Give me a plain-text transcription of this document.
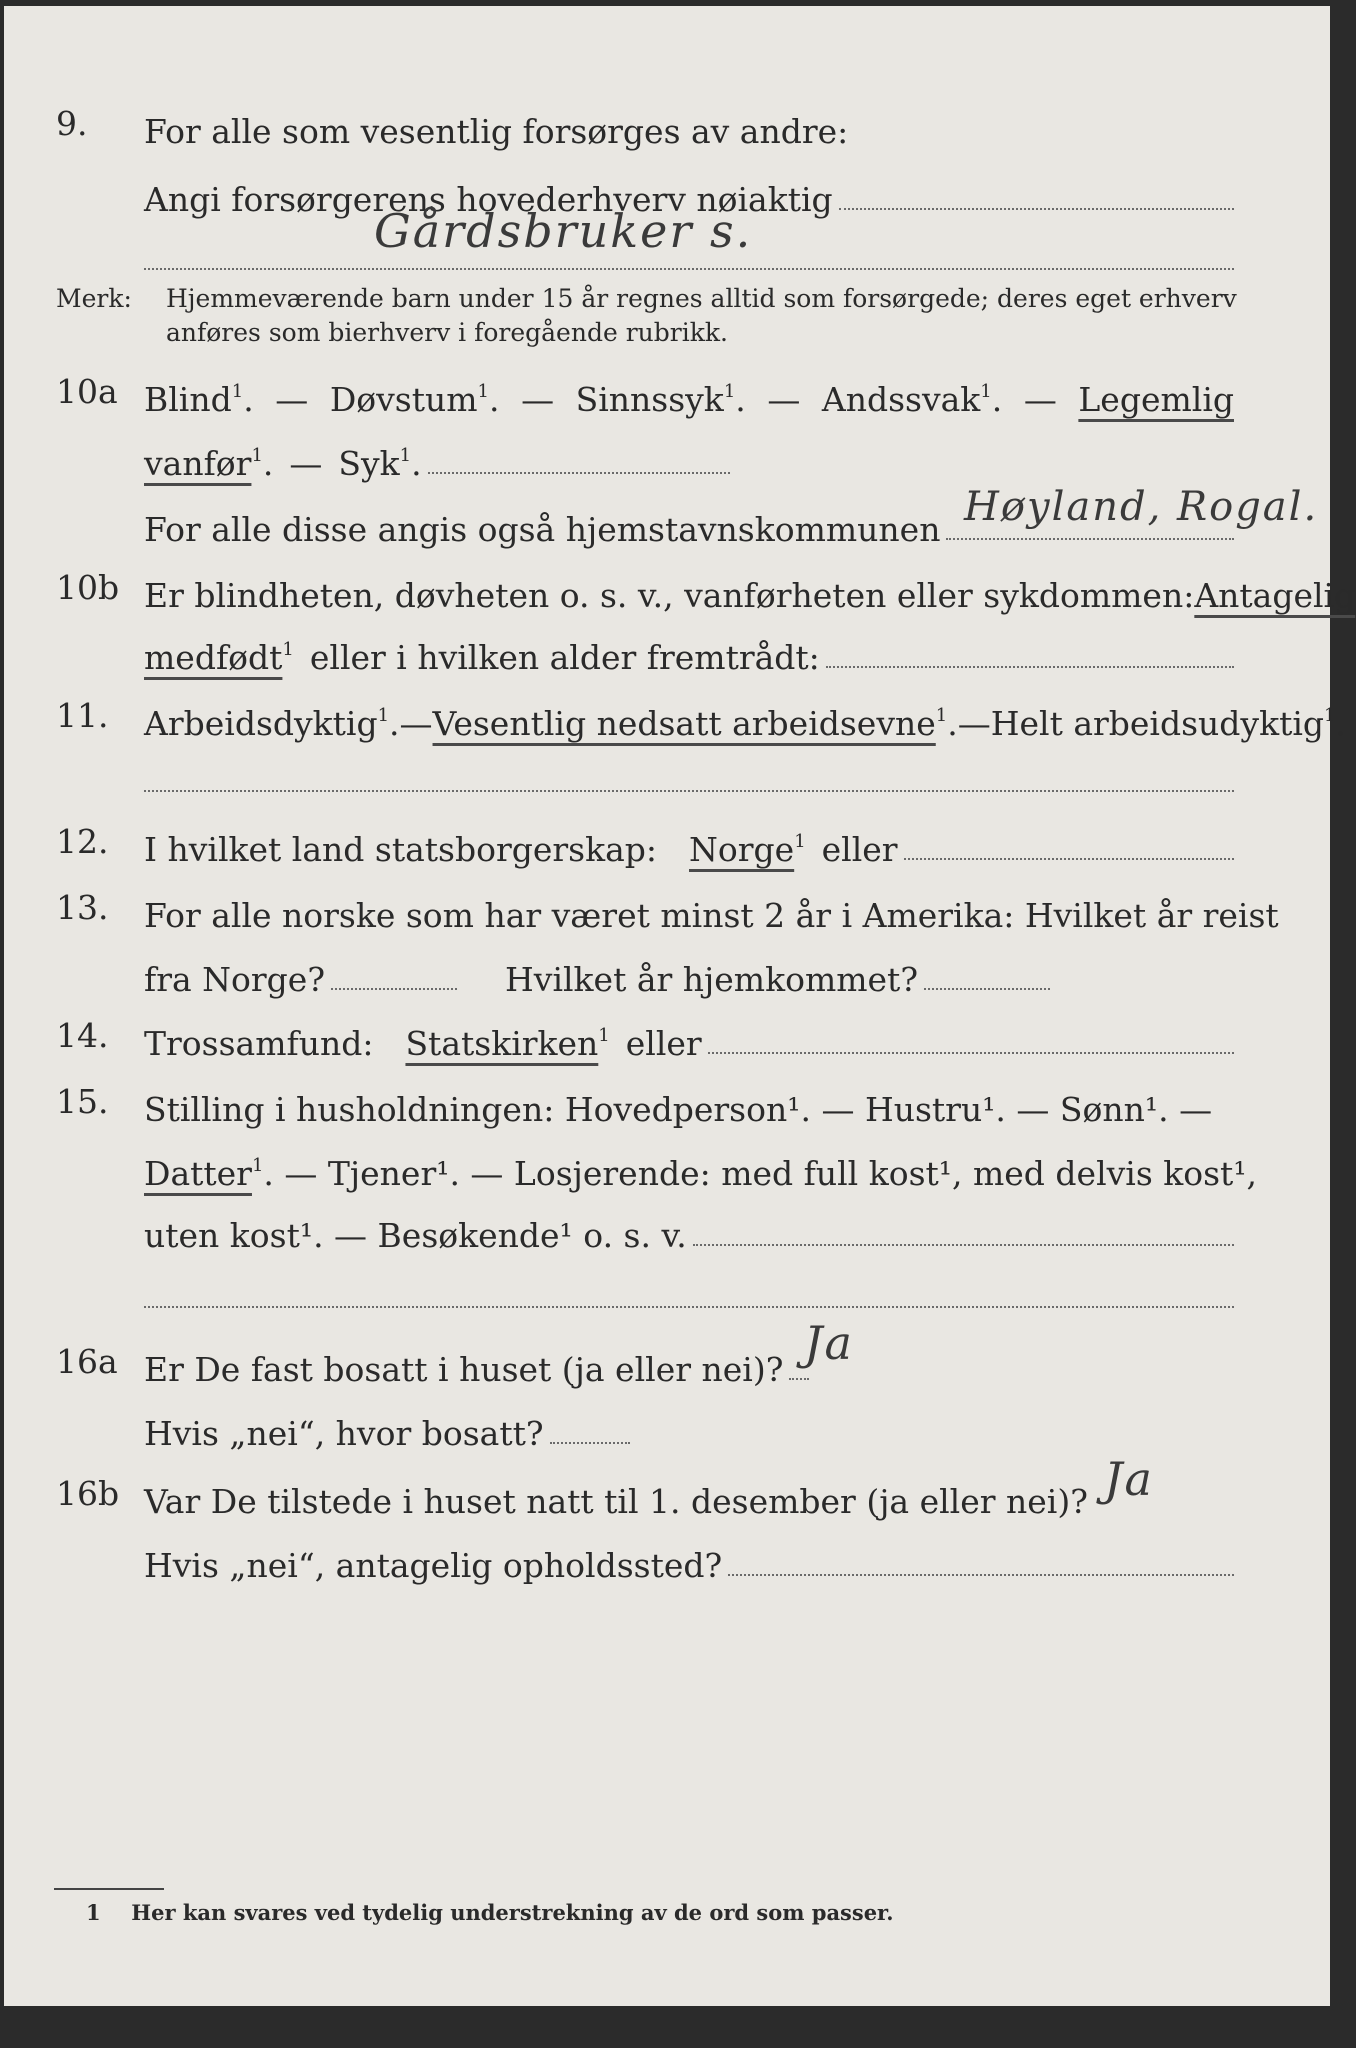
9. For alle som vesentlig forsørges av andre:
Angi forsørgerens hovederhverv nøiaktig
Gårdsbruker s.
Merk: Hjemmeværende barn under 15 år regnes alltid som forsørgede; deres eget erhverv
anføres som bierhverv i foregående rubrikk.
10a Blind$^1$. — Døvstum$^1$. — Sinnssyk$^1$. — Andssvak$^1$. — Legemlig
vanfør$^1$. — Syk$^1$.
For alle disse angis også hjemstavnskommunen Høyland, Rogal.
10b Er blindheten, døvheten o. s. v., vanførheten eller sykdommen: Antagelig
medfødt$^1$ eller i hvilken alder fremtrådt:
11. Arbeidsdyktig$^1$. — Vesentlig nedsatt arbeidsevne$^1$. — Helt arbeidsudyktig$^1$.
12. I hvilket land statsborgerskap: Norge$^1$ eller
13. For alle norske som har været minst 2 år i Amerika: Hvilket år reist
fra Norge?	Hvilket år hjemkommet?
14. Trossamfund: Statskirken$^1$ eller
15. Stilling i husholdningen: Hovedperson¹. — Hustru¹. — Sønn¹. —
Datter$^1$ . — Tjener¹. — Losjerende: med full kost¹, med delvis kost¹,
uten kost¹. — Besøkende¹ o. s. v.
16a Er De fast bosatt i huset (ja eller nei)? Ja
Hvis „nei“, hvor bosatt?
16b Var De tilstede i huset natt til 1. desember (ja eller nei)? Ja
Hvis „nei“, antagelig opholdssted?
1 Her kan svares ved tydelig understrekning av de ord som passer.
